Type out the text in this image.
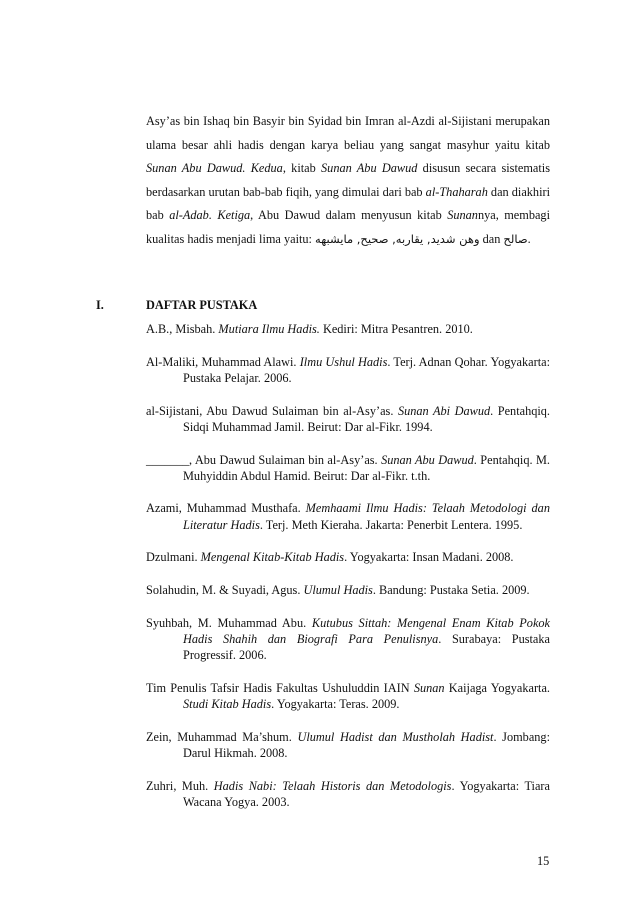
Asy’as bin Ishaq bin Basyir bin Syidad bin Imran al-Azdi al-Sijistani merupakan ulama besar ahli hadis dengan karya beliau yang sangat masyhur yaitu kitab Sunan Abu Dawud. Kedua, kitab Sunan Abu Dawud disusun secara sistematis berdasarkan urutan bab-bab fiqih, yang dimulai dari bab al-Thaharah dan diakhiri bab al-Adab. Ketiga, Abu Dawud dalam menyusun kitab Sunannya, membagi kualitas hadis menjadi lima yaitu: وهن شديد, يقاربه, صحيح, مايشبهه dan صالح.

I.	DAFTAR PUSTAKA

A.B., Misbah. Mutiara Ilmu Hadis. Kediri: Mitra Pesantren. 2010.

Al-Maliki, Muhammad Alawi. Ilmu Ushul Hadis. Terj. Adnan Qohar. Yogyakarta: Pustaka Pelajar. 2006.

al-Sijistani, Abu Dawud Sulaiman bin al-Asy’as. Sunan Abi Dawud. Pentahqiq. Sidqi Muhammad Jamil. Beirut: Dar al-Fikr. 1994.

_______, Abu Dawud Sulaiman bin al-Asy’as. Sunan Abu Dawud. Pentahqiq. M. Muhyiddin Abdul Hamid. Beirut: Dar al-Fikr. t.th.

Azami, Muhammad Musthafa. Memhaami Ilmu Hadis: Telaah Metodologi dan Literatur Hadis. Terj. Meth Kieraha. Jakarta: Penerbit Lentera. 1995.

Dzulmani. Mengenal Kitab-Kitab Hadis. Yogyakarta: Insan Madani. 2008.

Solahudin, M. & Suyadi, Agus. Ulumul Hadis. Bandung: Pustaka Setia. 2009.

Syuhbah, M. Muhammad Abu. Kutubus Sittah: Mengenal Enam Kitab Pokok Hadis Shahih dan Biografi Para Penulisnya. Surabaya: Pustaka Progressif. 2006.

Tim Penulis Tafsir Hadis Fakultas Ushuluddin IAIN Sunan Kaijaga Yogyakarta. Studi Kitab Hadis. Yogyakarta: Teras. 2009.

Zein, Muhammad Ma’shum. Ulumul Hadist dan Mustholah Hadist. Jombang: Darul Hikmah. 2008.

Zuhri, Muh. Hadis Nabi: Telaah Historis dan Metodologis. Yogyakarta: Tiara Wacana Yogya. 2003.

15
